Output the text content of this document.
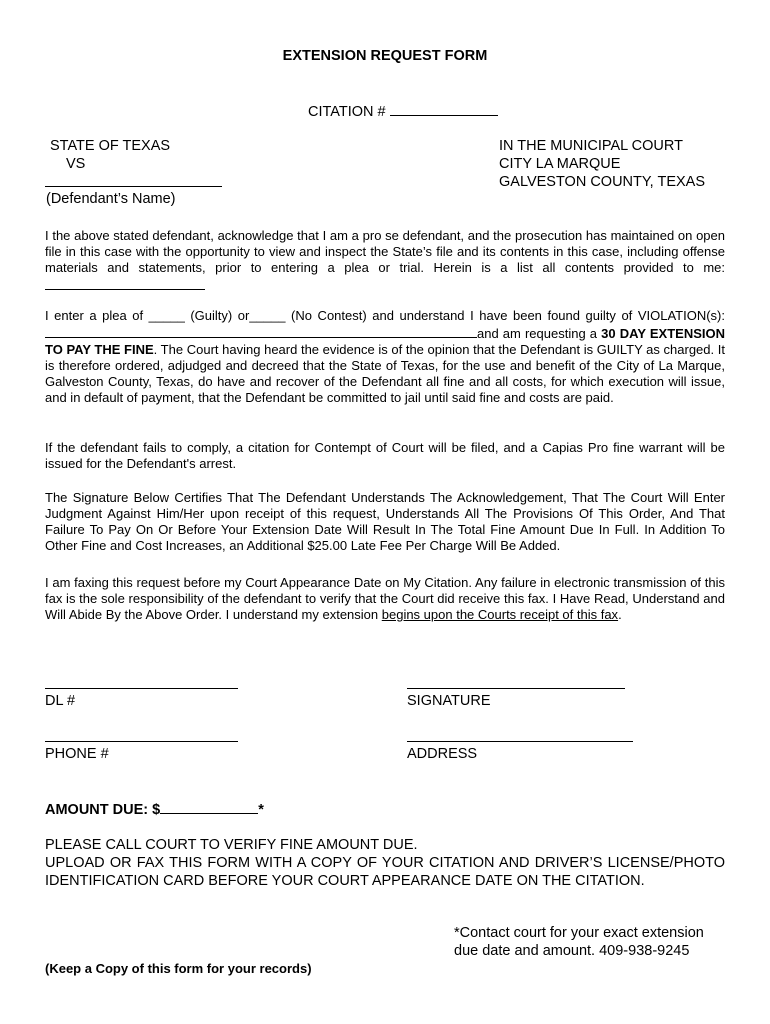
EXTENSION REQUEST FORM
CITATION #
STATE OF TEXAS
VS
IN THE MUNICIPAL COURT
CITY LA MARQUE
GALVESTON COUNTY, TEXAS
(Defendant’s Name)
I the above stated defendant, acknowledge that I am a pro se defendant, and the prosecution has maintained on open file in this case with the opportunity to view and inspect the State’s file and its contents in this case, including offense materials and statements, prior to entering a plea or trial. Herein is a list all contents provided to me:
I enter a plea of _____ (Guilty) or_____ (No Contest) and understand I have been found guilty of VIOLATION(s): and am requesting a 30 DAY EXTENSION TO PAY THE FINE. The Court having heard the evidence is of the opinion that the Defendant is GUILTY as charged. It is therefore ordered, adjudged and decreed that the State of Texas, for the use and benefit of the City of La Marque, Galveston County, Texas, do have and recover of the Defendant all fine and all costs, for which execution will issue, and in default of payment, that the Defendant be committed to jail until said fine and costs are paid.
If the defendant fails to comply, a citation for Contempt of Court will be filed, and a Capias Pro fine warrant will be issued for the Defendant's arrest.
The Signature Below Certifies That The Defendant Understands The Acknowledgement, That The Court Will Enter Judgment Against Him/Her upon receipt of this request, Understands All The Provisions Of This Order, And That Failure To Pay On Or Before Your Extension Date Will Result In The Total Fine Amount Due In Full. In Addition To Other Fine and Cost Increases, an Additional $25.00 Late Fee Per Charge Will Be Added.
I am faxing this request before my Court Appearance Date on My Citation. Any failure in electronic transmission of this fax is the sole responsibility of the defendant to verify that the Court did receive this fax. I Have Read, Understand and Will Abide By the Above Order. I understand my extension begins upon the Courts receipt of this fax.
DL #	SIGNATURE
PHONE #	ADDRESS
AMOUNT DUE: $	*
PLEASE CALL COURT TO VERIFY FINE AMOUNT DUE.
UPLOAD OR FAX THIS FORM WITH A COPY OF YOUR CITATION AND DRIVER’S LICENSE/PHOTO IDENTIFICATION CARD BEFORE YOUR COURT APPEARANCE DATE ON THE CITATION.
*Contact court for your exact extension
due date and amount. 409-938-9245
(Keep a Copy of this form for your records)
